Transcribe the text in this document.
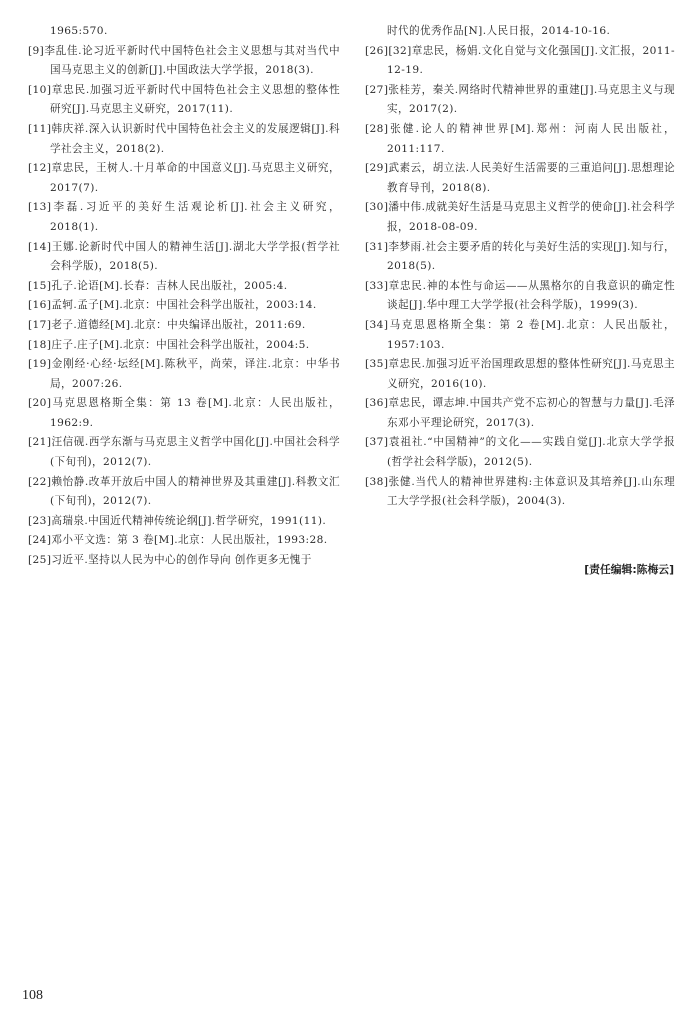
1965:570.
[9]李乱佳.论习近平新时代中国特色社会主义思想与其对当代中国马克思主义的创新[J].中国政法大学学报，2018(3).
[10]章忠民.加强习近平新时代中国特色社会主义思想的整体性研究[J].马克思主义研究，2017(11).
[11]韩庆祥.深入认识新时代中国特色社会主义的发展逻辑[J].科学社会主义，2018(2).
[12]章忠民，王树人.十月革命的中国意义[J].马克思主义研究，2017(7).
[13]李磊.习近平的美好生活观论析[J].社会主义研究，2018(1).
[14]王娜.论新时代中国人的精神生活[J].湖北大学学报(哲学社会科学版)，2018(5).
[15]孔子.论语[M].长春：吉林人民出版社，2005:4.
[16]孟轲.孟子[M].北京：中国社会科学出版社，2003:14.
[17]老子.道德经[M].北京：中央编译出版社，2011:69.
[18]庄子.庄子[M].北京：中国社会科学出版社，2004:5.
[19]金刚经·心经·坛经[M].陈秋平，尚荣，译注.北京：中华书局，2007:26.
[20]马克思恩格斯全集：第 13 卷[M].北京：人民出版社，1962:9.
[21]汪信砚.西学东渐与马克思主义哲学中国化[J].中国社会科学(下旬刊)，2012(7).
[22]赖怡静.改革开放后中国人的精神世界及其重建[J].科教文汇(下旬刊)，2012(7).
[23]高瑞泉.中国近代精神传统论纲[J].哲学研究，1991(11).
[24]邓小平文选：第 3 卷[M].北京：人民出版社，1993:28.
[25]习近平.坚持以人民为中心的创作导向 创作更多无愧于
时代的优秀作品[N].人民日报，2014-10-16.
[26][32]章忠民，杨娟.文化自觉与文化强国[J].文汇报，2011-12-19.
[27]张桂芳，秦关.网络时代精神世界的重建[J].马克思主义与现实，2017(2).
[28]张健.论人的精神世界[M].郑州：河南人民出版社，2011:117.
[29]武素云，胡立法.人民美好生活需要的三重追问[J].思想理论教育导刊，2018(8).
[30]潘中伟.成就美好生活是马克思主义哲学的使命[J].社会科学报，2018-08-09.
[31]李梦雨.社会主要矛盾的转化与美好生活的实现[J].知与行，2018(5).
[33]章忠民.神的本性与命运——从黑格尔的自我意识的确定性谈起[J].华中理工大学学报(社会科学版)，1999(3).
[34]马克思恩格斯全集：第 2 卷[M].北京：人民出版社，1957:103.
[35]章忠民.加强习近平治国理政思想的整体性研究[J].马克思主义研究，2016(10).
[36]章忠民，谭志坤.中国共产党不忘初心的智慧与力量[J].毛泽东邓小平理论研究，2017(3).
[37]袁祖社.“中国精神”的文化——实践自觉[J].北京大学学报(哲学社会科学版)，2012(5).
[38]张健.当代人的精神世界建构:主体意识及其培养[J].山东理工大学学报(社会科学版)，2004(3).
[责任编辑:陈梅云]
108
